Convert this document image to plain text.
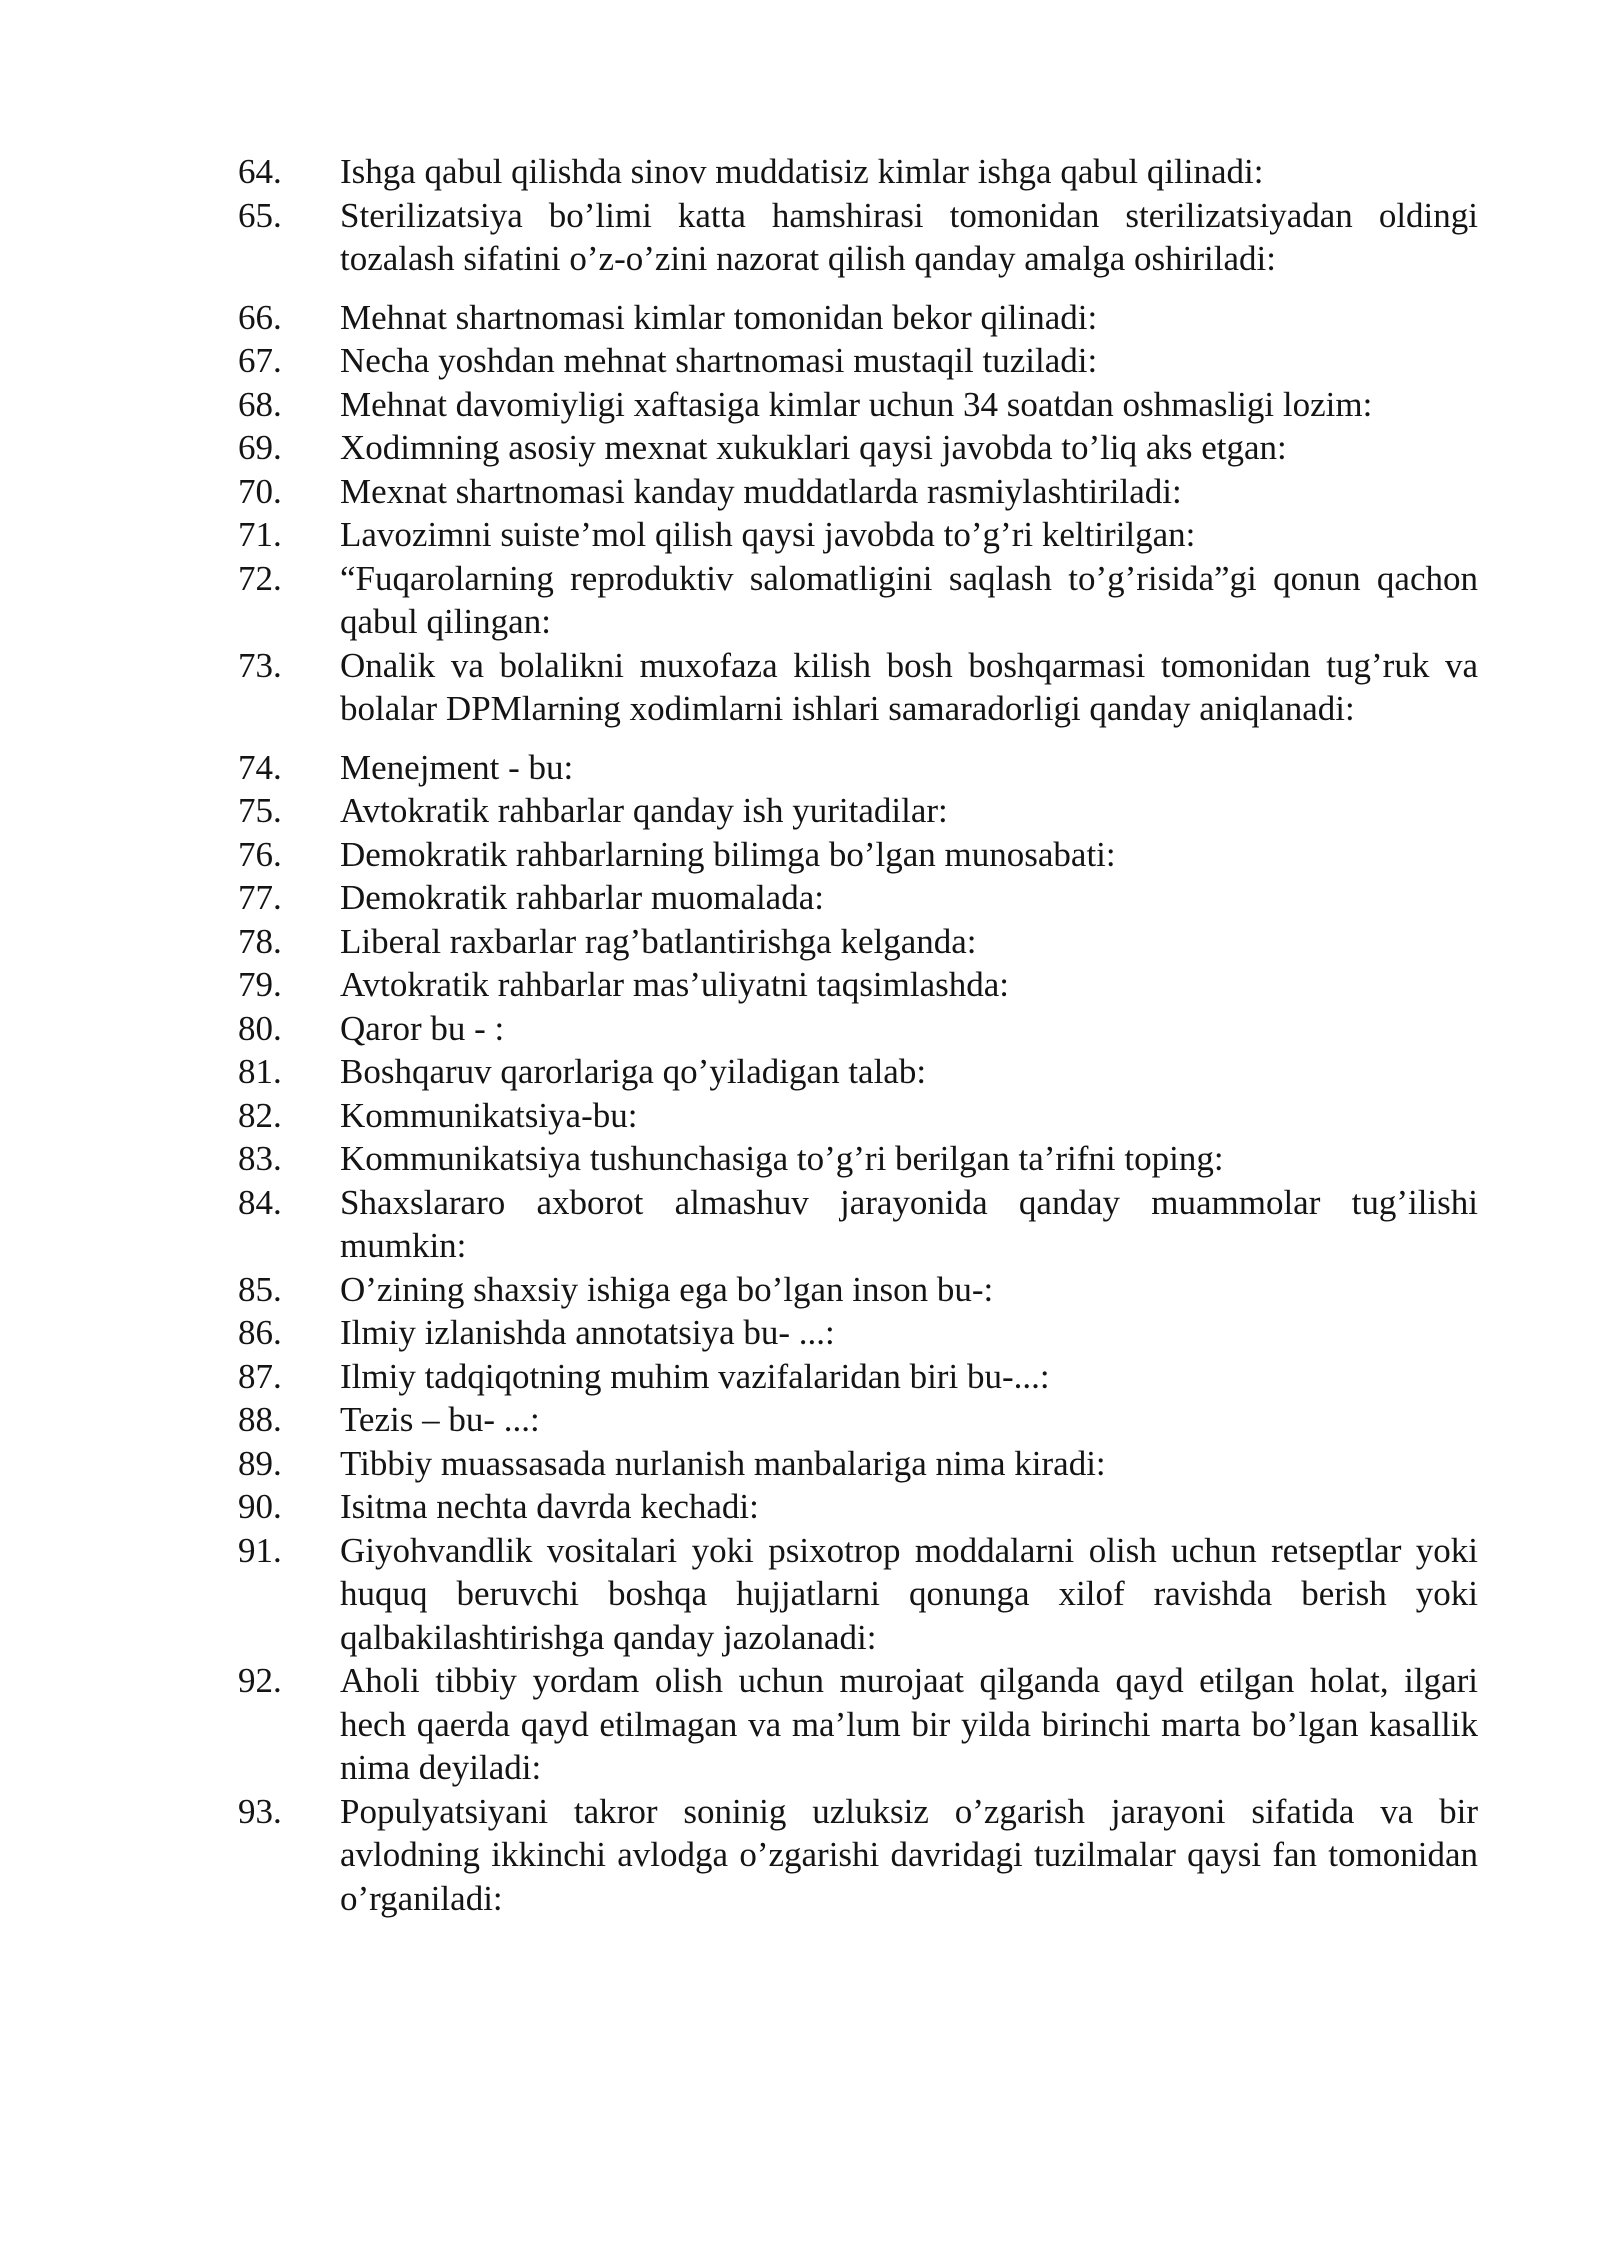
64.	Ishga qabul qilishda sinov muddatisiz kimlar ishga qabul qilinadi:
65.	Sterilizatsiya bo’limi katta hamshirasi tomonidan sterilizatsiyadan oldingi tozalash sifatini o’z-o’zini nazorat qilish qanday amalga oshiriladi:
66.	Mehnat shartnomasi kimlar tomonidan bekor qilinadi:
67.	Necha yoshdan mehnat shartnomasi mustaqil tuziladi:
68.	Mehnat davomiyligi xaftasiga kimlar uchun 34 soatdan oshmasligi lozim:
69.	Xodimning asosiy mexnat xukuklari qaysi javobda to’liq aks etgan:
70.	Mexnat shartnomasi kanday muddatlarda rasmiylashtiriladi:
71.	Lavozimni suiste’mol qilish qaysi javobda to’g’ri keltirilgan:
72.	“Fuqarolarning reproduktiv salomatligini saqlash to’g’risida”gi qonun qachon qabul qilingan:
73.	Onalik va bolalikni muxofaza kilish bosh boshqarmasi tomonidan tug’ruk va bolalar DPMlarning xodimlarni ishlari samaradorligi qanday aniqlanadi:
74.	Menejment - bu:
75.	Avtokratik rahbarlar qanday ish yuritadilar:
76.	Demokratik rahbarlarning bilimga bo’lgan munosabati:
77.	Demokratik rahbarlar muomalada:
78.	Liberal raxbarlar rag’batlantirishga kelganda:
79.	Avtokratik rahbarlar mas’uliyatni taqsimlashda:
80.	Qaror bu - :
81.	Boshqaruv qarorlariga qo’yiladigan talab:
82.	Kommunikatsiya-bu:
83.	Kommunikatsiya tushunchasiga to’g’ri berilgan ta’rifni toping:
84.	Shaxslararo axborot almashuv jarayonida qanday muammolar tug’ilishi mumkin:
85.	O’zining shaxsiy ishiga ega bo’lgan inson bu-:
86.	Ilmiy izlanishda annotatsiya bu- ...:
87.	Ilmiy tadqiqotning muhim vazifalaridan biri bu-...:
88.	Tezis – bu- ...:
89.	Tibbiy muassasada nurlanish manbalariga nima kiradi:
90.	Isitma nechta davrda kechadi:
91.	Giyohvandlik vositalari yoki psixotrop moddalarni olish uchun retseptlar yoki huquq beruvchi boshqa hujjatlarni qonunga xilof ravishda berish yoki qalbakilashtirishga qanday jazolanadi:
92.	Aholi tibbiy yordam olish uchun murojaat qilganda qayd etilgan holat, ilgari hech qaerda qayd etilmagan va ma’lum bir yilda birinchi marta bo’lgan kasallik nima deyiladi:
93.	Populyatsiyani takror soninig uzluksiz o’zgarish jarayoni sifatida va bir avlodning ikkinchi avlodga o’zgarishi davridagi tuzilmalar qaysi fan tomonidan o’rganiladi:
